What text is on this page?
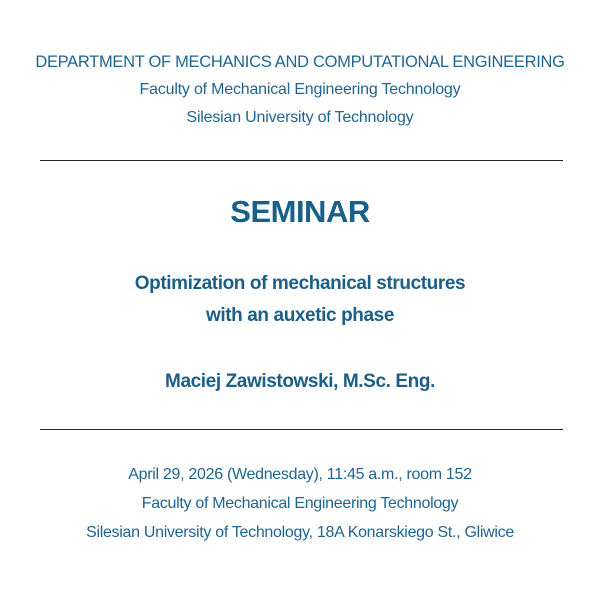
DEPARTMENT OF MECHANICS AND COMPUTATIONAL ENGINEERING
Faculty of Mechanical Engineering Technology
Silesian University of Technology
SEMINAR
Optimization of mechanical structures
with an auxetic phase
Maciej Zawistowski, M.Sc. Eng.
April 29, 2026 (Wednesday), 11:45 a.m., room 152
Faculty of Mechanical Engineering Technology
Silesian University of Technology, 18A Konarskiego St., Gliwice
